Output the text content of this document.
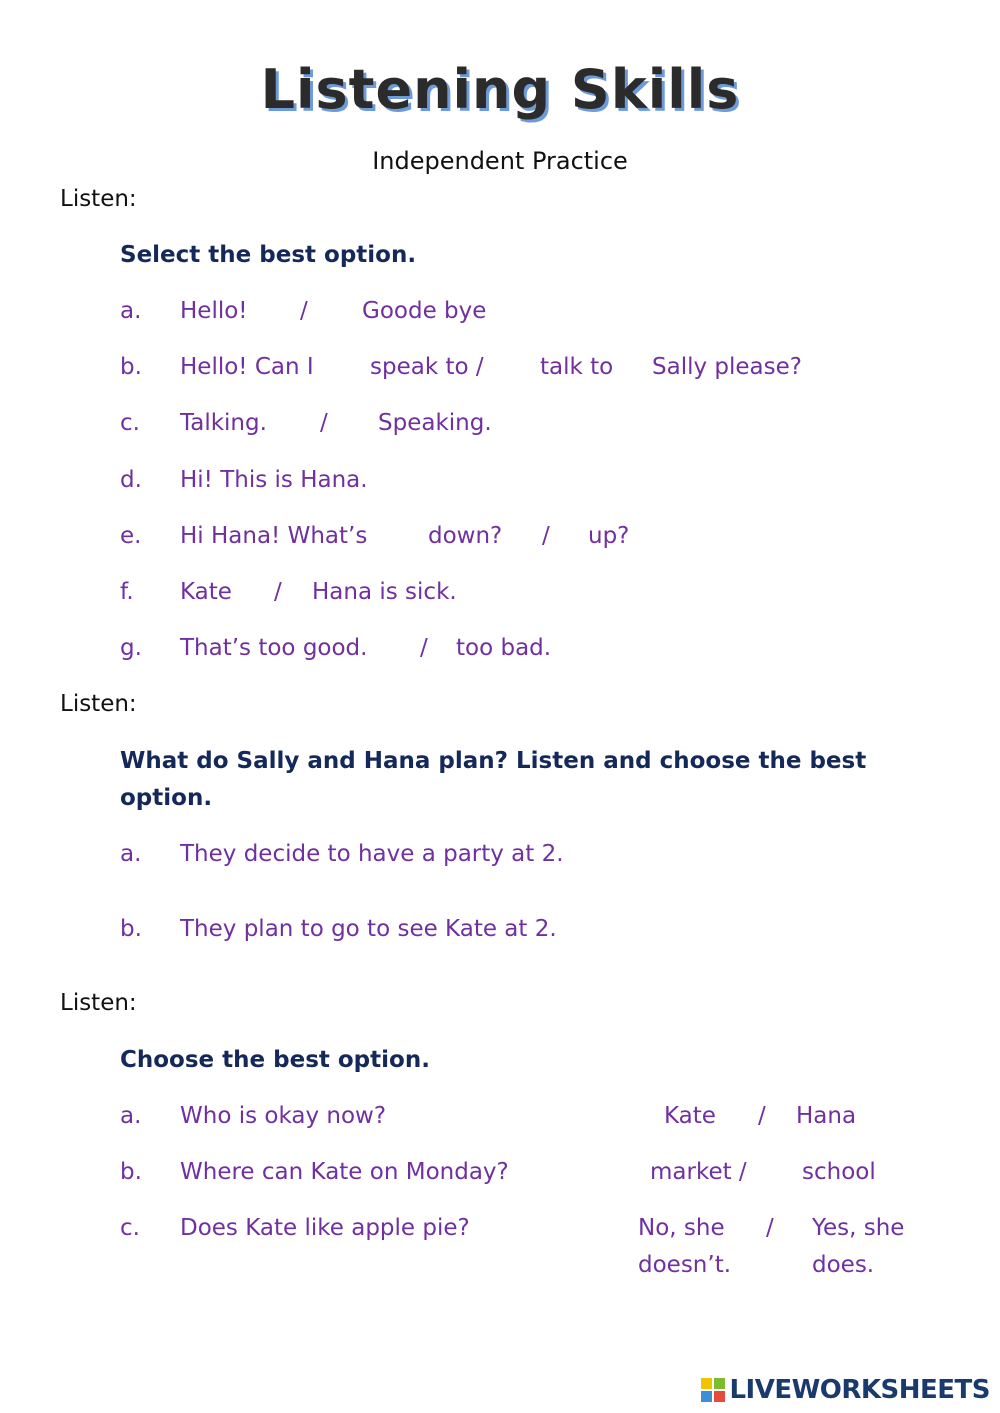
Listening Skills
Independent Practice
Listen:
Select the best option.
a. Hello! / Goode bye
b. Hello! Can I speak to / talk to Sally please?
c. Talking. / Speaking.
d. Hi! This is Hana.
e. Hi Hana! What’s	down? / up?
f. Kate / Hana is sick.
g. That’s too good. / too bad.
Listen:
What do Sally and Hana plan? Listen and choose the best
option.
a. They decide to have a party at 2.
b. They plan to go to see Kate at 2.
Listen:
Choose the best option.
a. Who is okay now?	Kate / Hana
b. Where can Kate on Monday?	market / school
c. Does Kate like apple pie?	No, she / Yes, she
doesn’t.	does.
LIVEWORKSHEETS
